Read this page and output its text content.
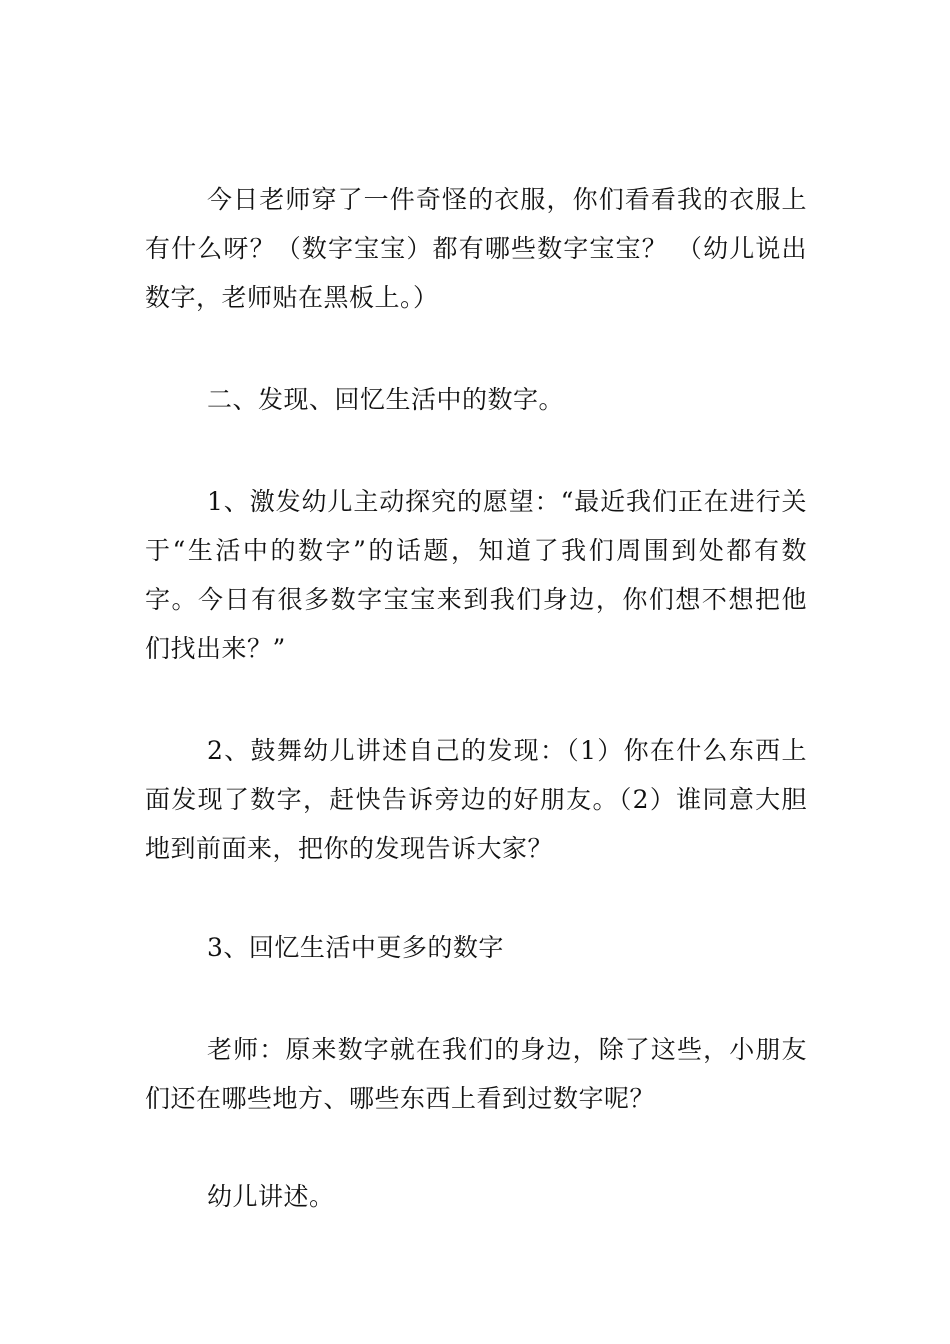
今日老师穿了一件奇怪的衣服，你们看看我的衣服上有什么呀？（数字宝宝）都有哪些数字宝宝？ （幼儿说出数字，老师贴在黑板上。）

二、发现、回忆生活中的数字。

1、激发幼儿主动探究的愿望：“最近我们正在进行关于“生活中的数字”的话题，知道了我们周围到处都有数字。今日有很多数字宝宝来到我们身边，你们想不想把他们找出来？”

2、鼓舞幼儿讲述自己的发现：（1）你在什么东西上面发现了数字，赶快告诉旁边的好朋友。（2）谁同意大胆地到前面来，把你的发现告诉大家？

3、回忆生活中更多的数字

老师：原来数字就在我们的身边，除了这些，小朋友们还在哪些地方、哪些东西上看到过数字呢？

幼儿讲述。
